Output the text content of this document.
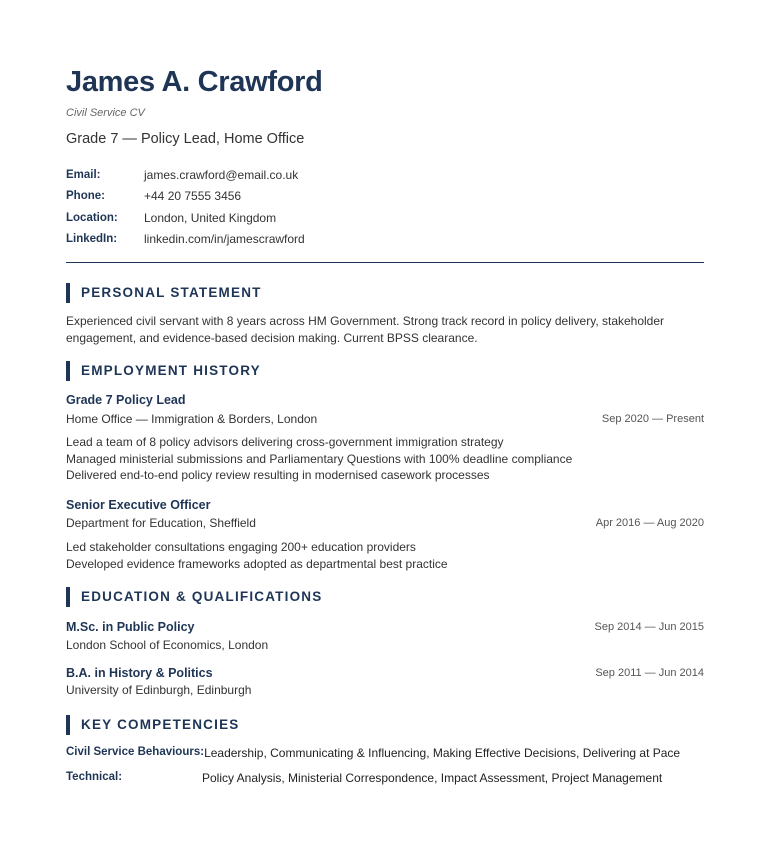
James A. Crawford
Civil Service CV
Grade 7 — Policy Lead, Home Office
Email:	james.crawford@email.co.uk
Phone:	+44 20 7555 3456
Location:	London, United Kingdom
LinkedIn:	linkedin.com/in/jamescrawford
PERSONAL STATEMENT
Experienced civil servant with 8 years across HM Government. Strong track record in policy delivery, stakeholder
engagement, and evidence-based decision making. Current BPSS clearance.
EMPLOYMENT HISTORY
Grade 7 Policy Lead
Home Office — Immigration & Borders, London	Sep 2020 — Present
Lead a team of 8 policy advisors delivering cross-government immigration strategy
Managed ministerial submissions and Parliamentary Questions with 100% deadline compliance
Delivered end-to-end policy review resulting in modernised casework processes
Senior Executive Officer
Department for Education, Sheffield	Apr 2016 — Aug 2020
Led stakeholder consultations engaging 200+ education providers
Developed evidence frameworks adopted as departmental best practice
EDUCATION & QUALIFICATIONS
M.Sc. in Public Policy	Sep 2014 — Jun 2015
London School of Economics, London
B.A. in History & Politics	Sep 2011 — Jun 2014
University of Edinburgh, Edinburgh
KEY COMPETENCIES
Civil Service Behaviours: Leadership, Communicating & Influencing, Making Effective Decisions, Delivering at Pace
Technical:	Policy Analysis, Ministerial Correspondence, Impact Assessment, Project Management
